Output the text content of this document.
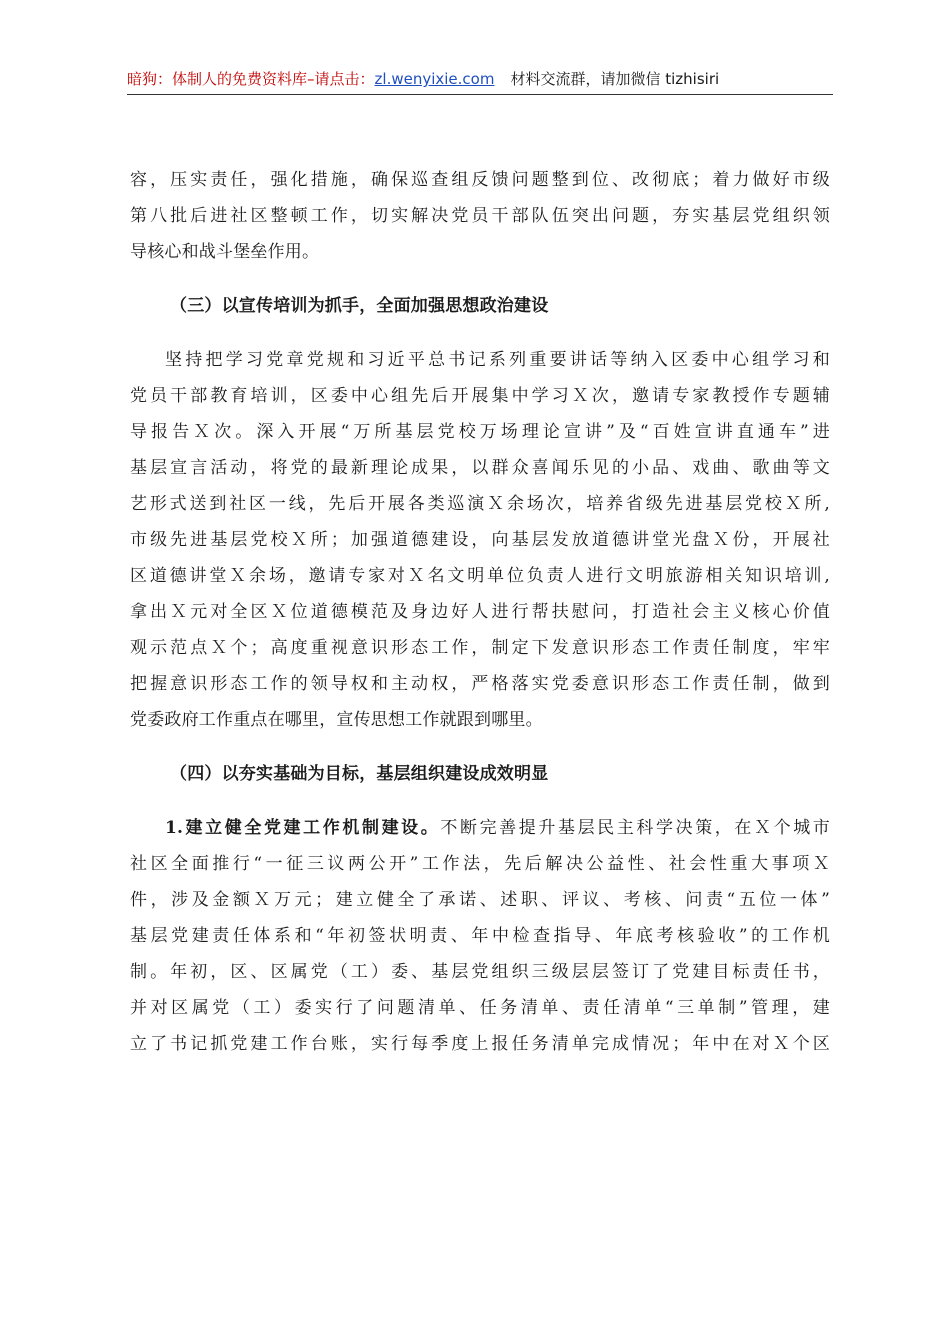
暗狗：体制人的免费资料库–请点击：zl.wenyixie.com 材料交流群，请加微信 tizhisiri
容，压实责任，强化措施，确保巡查组反馈问题整到位、改彻底；着力做好市级
第八批后进社区整顿工作，切实解决党员干部队伍突出问题，夯实基层党组织领
导核心和战斗堡垒作用。
（三）以宣传培训为抓手，全面加强思想政治建设
坚持把学习党章党规和习近平总书记系列重要讲话等纳入区委中心组学习和
党员干部教育培训，区委中心组先后开展集中学习Ｘ次，邀请专家教授作专题辅
导报告Ｘ次。深入开展“万所基层党校万场理论宣讲”及“百姓宣讲直通车”进
基层宣言活动，将党的最新理论成果，以群众喜闻乐见的小品、戏曲、歌曲等文
艺形式送到社区一线，先后开展各类巡演Ｘ余场次，培养省级先进基层党校Ｘ所,
市级先进基层党校Ｘ所；加强道德建设，向基层发放道德讲堂光盘Ｘ份，开展社
区道德讲堂Ｘ余场，邀请专家对Ｘ名文明单位负责人进行文明旅游相关知识培训,
拿出Ｘ元对全区Ｘ位道德模范及身边好人进行帮扶慰问，打造社会主义核心价值
观示范点Ｘ个；高度重视意识形态工作，制定下发意识形态工作责任制度，牢牢
把握意识形态工作的领导权和主动权，严格落实党委意识形态工作责任制，做到
党委政府工作重点在哪里，宣传思想工作就跟到哪里。
（四）以夯实基础为目标，基层组织建设成效明显
1.建立健全党建工作机制建设。不断完善提升基层民主科学决策，在Ｘ个城市
社区全面推行“一征三议两公开”工作法，先后解决公益性、社会性重大事项Ｘ
件，涉及金额Ｘ万元；建立健全了承诺、述职、评议、考核、问责“五位一体”
基层党建责任体系和“年初签状明责、年中检查指导、年底考核验收”的工作机
制。年初，区、区属党（工）委、基层党组织三级层层签订了党建目标责任书，
并对区属党（工）委实行了问题清单、任务清单、责任清单“三单制”管理，建
立了书记抓党建工作台账，实行每季度上报任务清单完成情况；年中在对Ｘ个区
